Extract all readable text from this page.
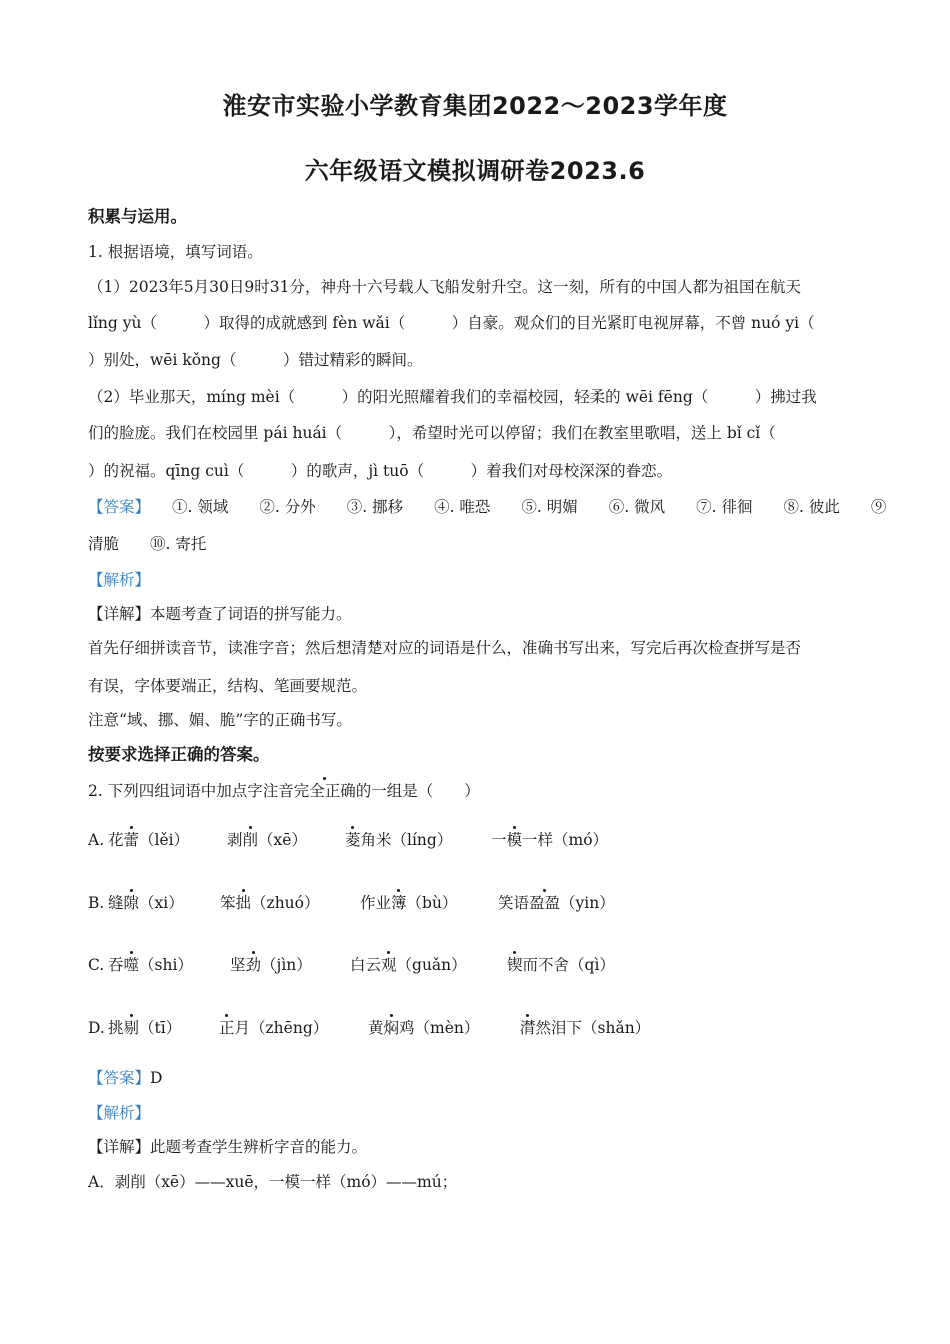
淮安市实验小学教育集团2022～2023学年度
六年级语文模拟调研卷2023.6
积累与运用。
1. 根据语境，填写词语。
（1）2023年5月30日9时31分，神舟十六号载人飞船发射升空。这一刻，所有的中国人都为祖国在航天
lǐng yù（　　　）取得的成就感到 fèn wǎi（　　　）自豪。观众们的目光紧盯电视屏幕，不曾 nuó yi（
）别处，wēi kǒng（　　　）错过精彩的瞬间。
（2）毕业那天，míng mèi（　　　）的阳光照耀着我们的幸福校园，轻柔的 wēi fēng（　　　）拂过我
们的脸庞。我们在校园里 pái huái（　　　），希望时光可以停留；我们在教室里歌唱，送上 bǐ cǐ（
）的祝福。qīng cuì（　　　）的歌声，jì tuō（　　　）着我们对母校深深的眷恋。
【答案】 ①. 领域　　②. 分外　　③. 挪移　　④. 唯恐　　⑤. 明媚　　⑥. 微风　　⑦. 徘徊　　⑧. 彼此　　⑨
清脆　　⑩. 寄托
【解析】
【详解】本题考查了词语的拼写能力。
首先仔细拼读音节，读准字音；然后想清楚对应的词语是什么，准确书写出来，写完后再次检查拼写是否
有误，字体要端正，结构、笔画要规范。
注意“域、挪、媚、脆”字的正确书写。
按要求选择正确的答案。
2. 下列四组词语中加点字注音完全正确的一组是（　　）
A. 花蕾（lěi） 剥削（xē） 菱角米（líng） 一模一样（mó）
B. 缝隙（xi） 笨拙（zhuó）	作业簿（bù）	笑语盈盈（yin）
C. 吞噬（shi） 坚劲（jìn） 白云观（guǎn）	锲而不舍（qì）
D. 挑剔（tī） 正月（zhēng）	黄焖鸡（mèn）	潸然泪下（shǎn）
【答案】D
【解析】
【详解】此题考查学生辨析字音的能力。
A．剥削（xē）——xuē，一模一样（mó）——mú；
